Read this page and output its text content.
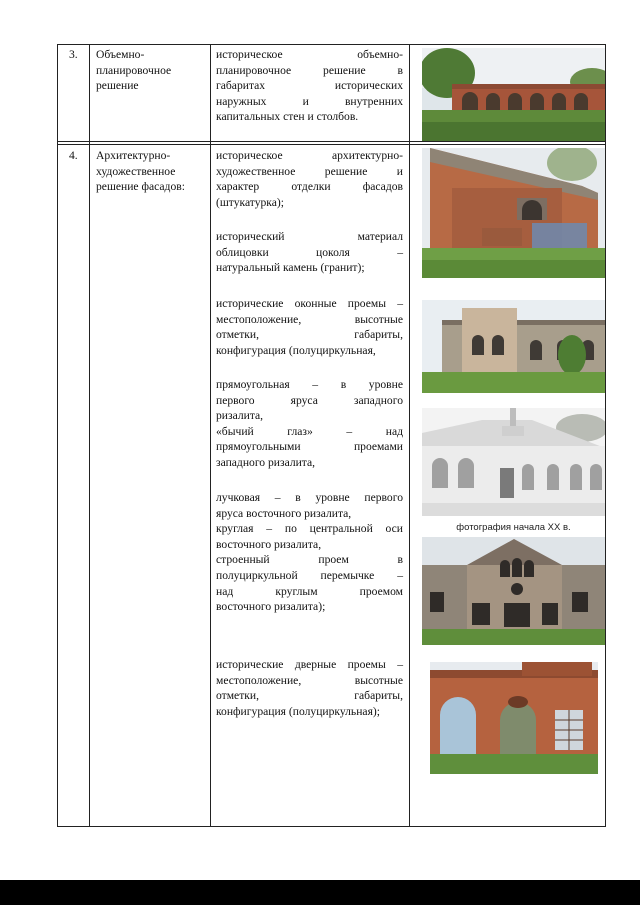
3. Объемно-
планировочное
решение
историческое объемно-
планировочное решение в
габаритах исторических
наружных и внутренних
капитальных стен и столбов.
4. Архитектурно-
художественное
решение фасадов:
историческое архитектурно-
художественное решение и
характер отделки фасадов
(штукатурка);
исторический материал
облицовки цоколя –
натуральный камень (гранит);
исторические оконные проемы –
местоположение, высотные
отметки, габариты,
конфигурация (полуциркульная,
прямоугольная – в уровне
первого яруса западного
ризалита,
«бычий глаз» – над
прямоугольными проемами
западного ризалита,
лучковая – в уровне первого
яруса восточного ризалита,
круглая – по центральной оси
восточного ризалита,
строенный проем в
полуциркульной перемычке –
над круглым проемом
восточного ризалита);
исторические дверные проемы –
местоположение, высотные
отметки, габариты,
конфигурация (полуциркульная);
фотография начала XX в.
